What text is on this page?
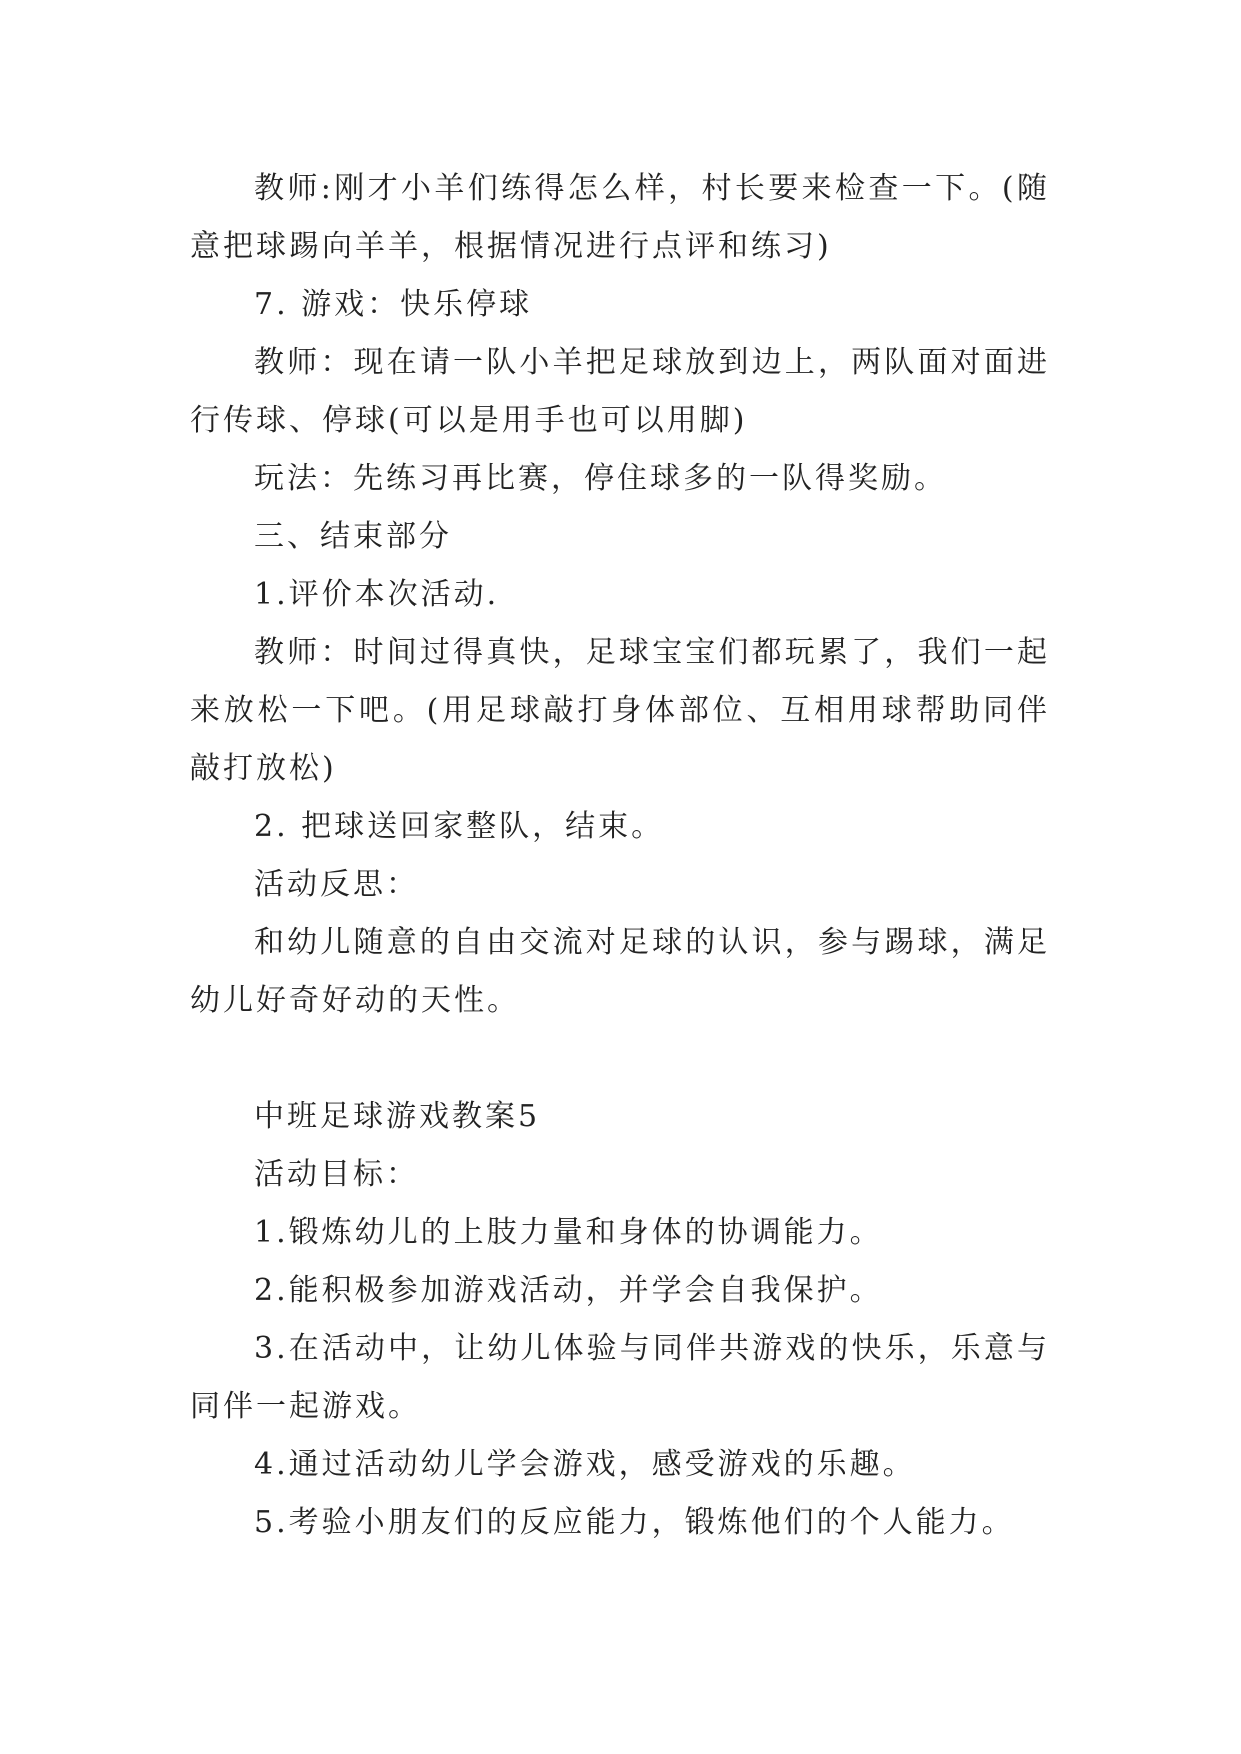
教师:刚才小羊们练得怎么样，村长要来检查一下。(随意把球踢向羊羊，根据情况进行点评和练习)

7. 游戏：快乐停球

教师：现在请一队小羊把足球放到边上，两队面对面进行传球、停球(可以是用手也可以用脚)

玩法：先练习再比赛，停住球多的一队得奖励。

三、结束部分

1.评价本次活动.

教师：时间过得真快，足球宝宝们都玩累了，我们一起来放松一下吧。(用足球敲打身体部位、互相用球帮助同伴敲打放松)

2. 把球送回家整队，结束。

活动反思：

和幼儿随意的自由交流对足球的认识，参与踢球，满足幼儿好奇好动的天性。

中班足球游戏教案5

活动目标：

1.锻炼幼儿的上肢力量和身体的协调能力。

2.能积极参加游戏活动，并学会自我保护。

3.在活动中，让幼儿体验与同伴共游戏的快乐，乐意与同伴一起游戏。

4.通过活动幼儿学会游戏，感受游戏的乐趣。

5.考验小朋友们的反应能力，锻炼他们的个人能力。
